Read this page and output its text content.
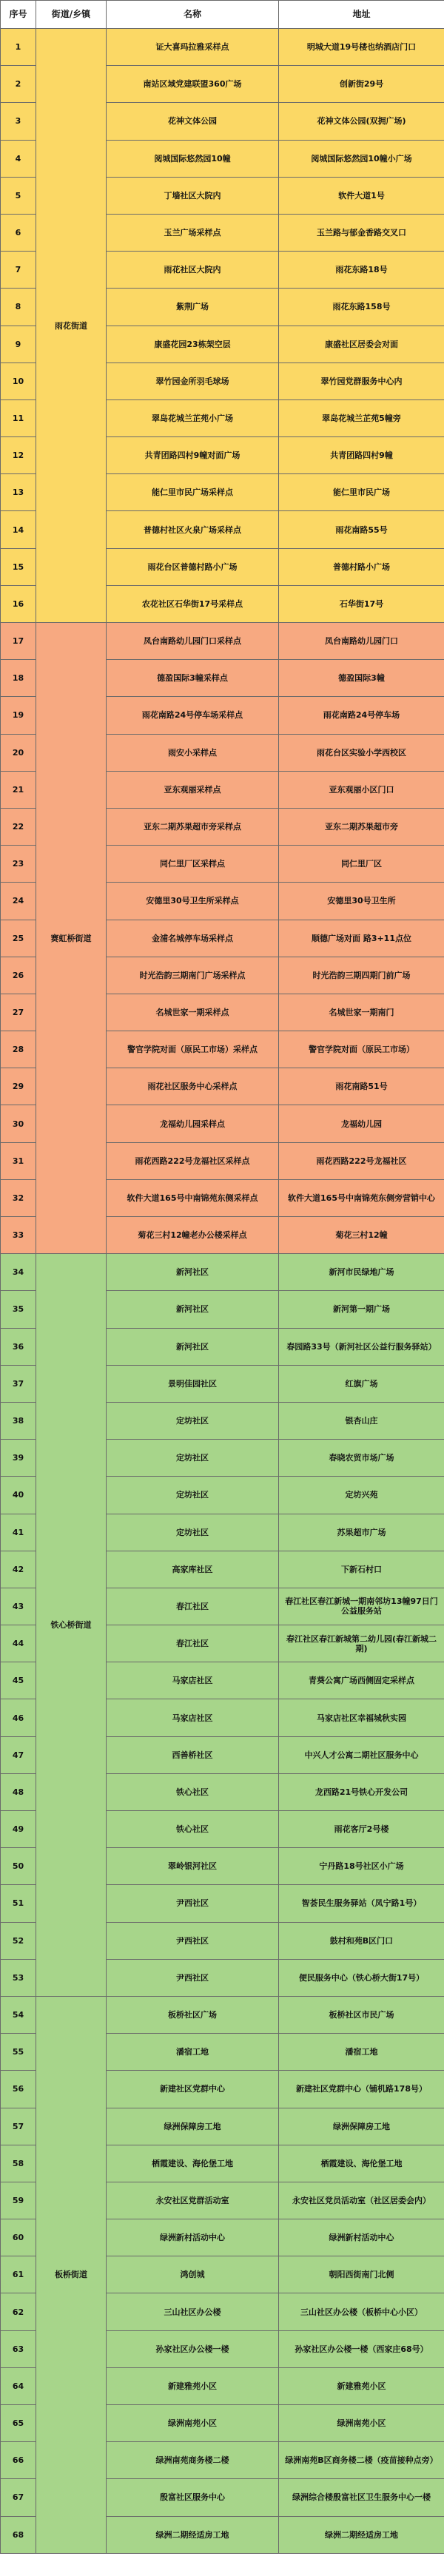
序号	街道/乡镇	名称	地址
1	雨花街道	证大喜玛拉雅采样点	明城大道19号楼也纳酒店门口
2		南站区域党建联盟360广场	创新街29号
3		花神文体公园	花神文体公园(双拥广场)
4		阅城国际悠然园10幢	阅城国际悠然园10幢小广场
5		丁墙社区大院内	软件大道1号
6		玉兰广场采样点	玉兰路与郁金香路交叉口
7		雨花社区大院内	雨花东路18号
8		紫荆广场	雨花东路158号
9		康盛花园23栋架空层	康盛社区居委会对面
10		翠竹园金所羽毛球场	翠竹园党群服务中心内
11		翠岛花城兰芷苑小广场	翠岛花城兰芷苑5幢旁
12		共青团路四村9幢对面广场	共青团路四村9幢
13		能仁里市民广场采样点	能仁里市民广场
14		普德村社区火泉广场采样点	雨花南路55号
15		雨花台区普德村路小广场	普德村路小广场
16		农花社区石华街17号采样点	石华街17号
17	赛虹桥街道	凤台南路幼儿园门口采样点	凤台南路幼儿园门口
18		德盈国际3幢采样点	德盈国际3幢
19		雨花南路24号停车场采样点	雨花南路24号停车场
20		雨安小采样点	雨花台区实验小学西校区
21		亚东观丽采样点	亚东观丽小区门口
22		亚东二期苏果超市旁采样点	亚东二期苏果超市旁
23		同仁里厂区采样点	同仁里厂区
24		安德里30号卫生所采样点	安德里30号卫生所
25		金浦名城停车场采样点	顺德广场对面 路3+11点位
26		时光浩韵三期南门广场采样点	时光浩韵三期四期门前广场
27		名城世家一期采样点	名城世家一期南门
28		警官学院对面（原民工市场）采样点	警官学院对面（原民工市场）
29		雨花社区服务中心采样点	雨花南路51号
30		龙福幼儿园采样点	龙福幼儿园
31		雨花西路222号龙福社区采样点	雨花西路222号龙福社区
32		软件大道165号中南锦苑东侧采样点	软件大道165号中南锦苑东侧旁营销中心
33		菊花三村12幢老办公楼采样点	菊花三村12幢
34	铁心桥街道	新河社区	新河市民绿地广场
35		新河社区	新河第一期广场
36		新河社区	春园路33号（新河社区公益行服务驿站）
37		景明佳园社区	红旗广场
38		定坊社区	银杏山庄
39		定坊社区	春晓农贸市场广场
40		定坊社区	定坊兴苑
41		定坊社区	苏果超市广场
42		高家库社区	下新石村口
43		春江社区	春江社区春江新城一期南邻坊13幢97日门公益服务站
44		春江社区	春江社区春江新城第二幼儿园(春江新城二期)
45		马家店社区	青葵公寓广场西侧固定采样点
46		马家店社区	马家店社区幸福城秋实园
47		西善桥社区	中兴人才公寓二期社区服务中心
48		铁心社区	龙西路21号铁心开发公司
49		铁心社区	雨花客厅2号楼
50		翠岭银河社区	宁丹路18号社区小广场
51		尹西社区	智荟民生服务驿站（凤宁路1号）
52		尹西社区	鼓村和苑B区门口
53		尹西社区	便民服务中心（铁心桥大街17号）
54	板桥街道	板桥社区广场	板桥社区市民广场
55		潘宿工地	潘宿工地
56		新建社区党群中心	新建社区党群中心（铺机路178号）
57		绿洲保障房工地	绿洲保障房工地
58		栖霞建设、海伦堡工地	栖霞建设、海伦堡工地
59		永安社区党群活动室	永安社区党员活动室（社区居委会内）
60		绿洲新村活动中心	绿洲新村活动中心
61		鸿创城	朝阳西街南门北侧
62		三山社区办公楼	三山社区办公楼（板桥中心小区）
63		孙家社区办公楼一楼	孙家社区办公楼一楼（西家庄68号）
64		新建雅苑小区	新建雅苑小区
65		绿洲南苑小区	绿洲南苑小区
66		绿洲南苑商务楼二楼	绿洲南苑B区商务楼二楼（疫苗接种点旁）
67		殷富社区服务中心	绿洲综合楼殷富社区卫生服务中心一楼
68		绿洲二期经适房工地	绿洲二期经适房工地
